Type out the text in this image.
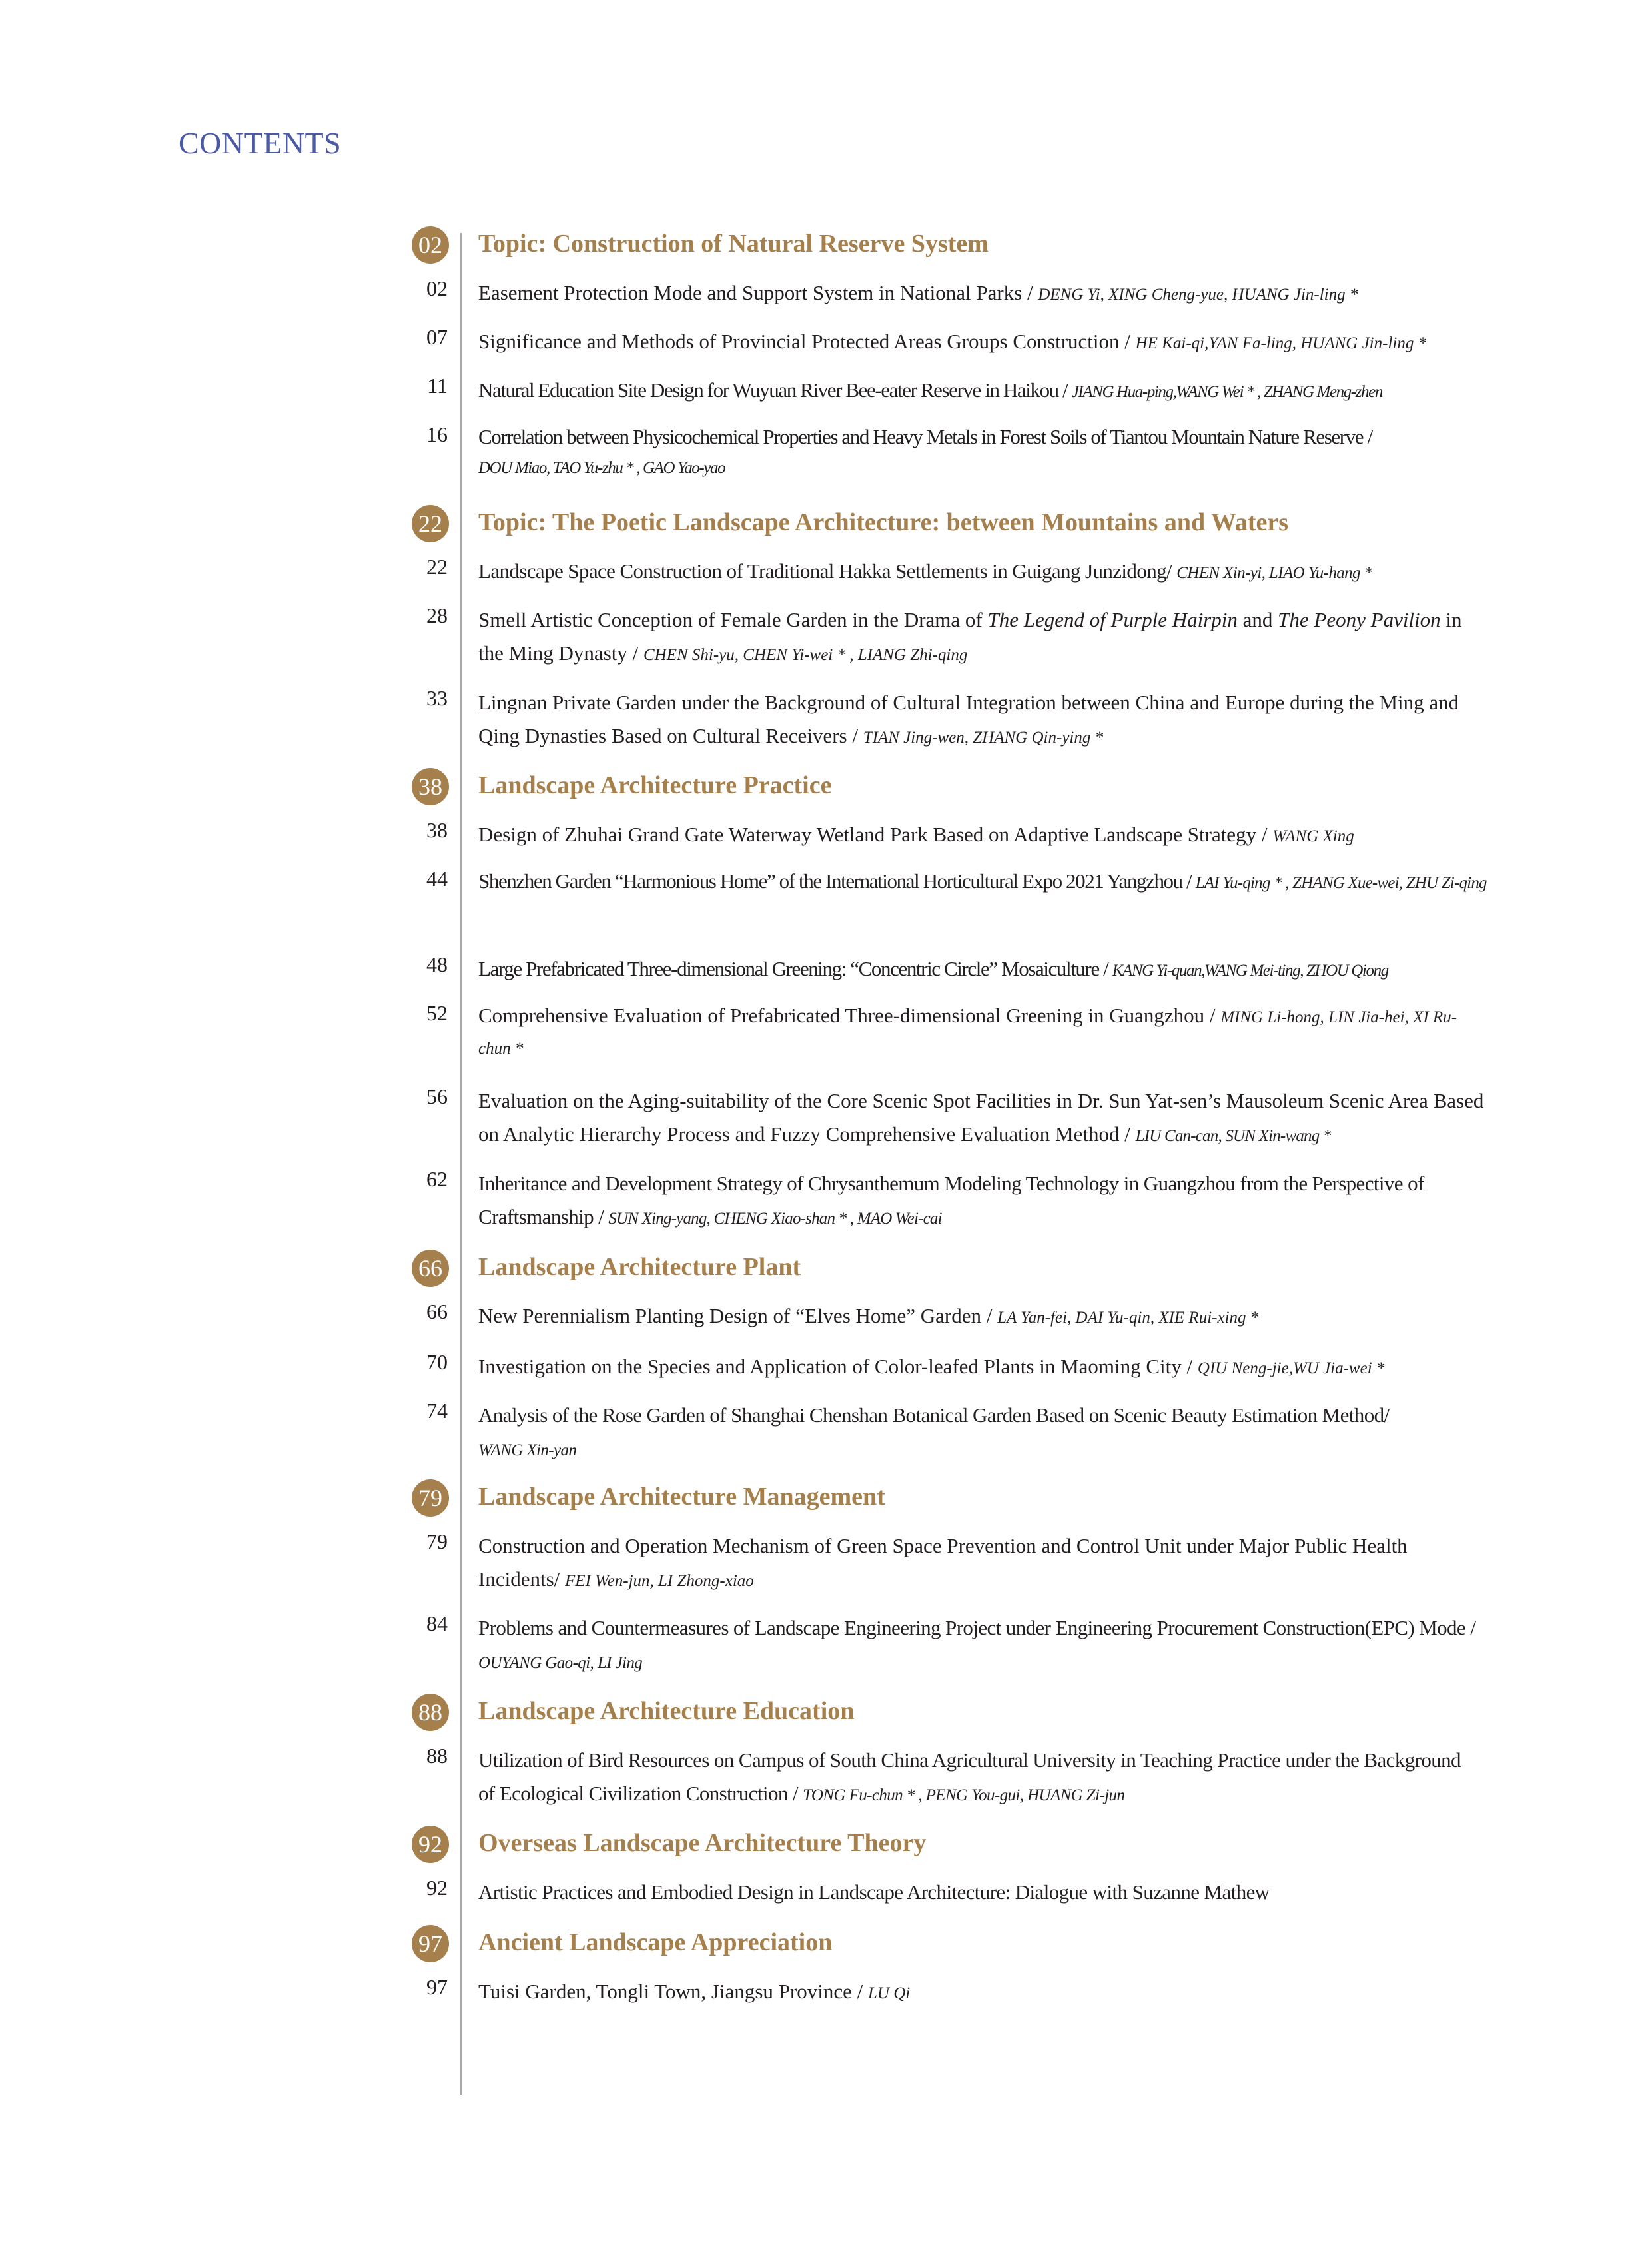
CONTENTS
02 Topic: Construction of Natural Reserve System
02 Easement Protection Mode and Support System in National Parks / DENG Yi, XING Cheng-yue, HUANG Jin-ling *
07 Significance and Methods of Provincial Protected Areas Groups Construction / HE Kai-qi,YAN Fa-ling, HUANG Jin-ling *
11 Natural Education Site Design for Wuyuan River Bee-eater Reserve in Haikou / JIANG Hua-ping,WANG Wei * , ZHANG Meng-zhen
16 Correlation between Physicochemical Properties and Heavy Metals in Forest Soils of Tiantou Mountain Nature Reserve /
DOU Miao, TAO Yu-zhu * , GAO Yao-yao
22 Topic: The Poetic Landscape Architecture: between Mountains and Waters
22 Landscape Space Construction of Traditional Hakka Settlements in Guigang Junzidong/ CHEN Xin-yi, LIAO Yu-hang *
28 Smell Artistic Conception of Female Garden in the Drama of The Legend of Purple Hairpin and The Peony Pavilion in the Ming Dynasty / CHEN Shi-yu, CHEN Yi-wei * , LIANG Zhi-qing
33 Lingnan Private Garden under the Background of Cultural Integration between China and Europe during the Ming and Qing Dynasties Based on Cultural Receivers / TIAN Jing-wen, ZHANG Qin-ying *
38 Landscape Architecture Practice
38 Design of Zhuhai Grand Gate Waterway Wetland Park Based on Adaptive Landscape Strategy / WANG Xing
44 Shenzhen Garden “Harmonious Home” of the International Horticultural Expo 2021 Yangzhou / LAI Yu-qing * , ZHANG Xue-wei, ZHU Zi-qing
48 Large Prefabricated Three-dimensional Greening: “Concentric Circle” Mosaiculture / KANG Yi-quan,WANG Mei-ting, ZHOU Qiong
52 Comprehensive Evaluation of Prefabricated Three-dimensional Greening in Guangzhou / MING Li-hong, LIN Jia-hei, XI Ru-chun *
56 Evaluation on the Aging-suitability of the Core Scenic Spot Facilities in Dr. Sun Yat-sen’s Mausoleum Scenic Area Based on Analytic Hierarchy Process and Fuzzy Comprehensive Evaluation Method / LIU Can-can, SUN Xin-wang *
62 Inheritance and Development Strategy of Chrysanthemum Modeling Technology in Guangzhou from the Perspective of Craftsmanship / SUN Xing-yang, CHENG Xiao-shan * , MAO Wei-cai
66 Landscape Architecture Plant
66 New Perennialism Planting Design of “Elves Home” Garden / LA Yan-fei, DAI Yu-qin, XIE Rui-xing *
70 Investigation on the Species and Application of Color-leafed Plants in Maoming City / QIU Neng-jie,WU Jia-wei *
74 Analysis of the Rose Garden of Shanghai Chenshan Botanical Garden Based on Scenic Beauty Estimation Method/
WANG Xin-yan
79 Landscape Architecture Management
79 Construction and Operation Mechanism of Green Space Prevention and Control Unit under Major Public Health Incidents/ FEI Wen-jun, LI Zhong-xiao
84 Problems and Countermeasures of Landscape Engineering Project under Engineering Procurement Construction(EPC) Mode / OUYANG Gao-qi, LI Jing
88 Landscape Architecture Education
88 Utilization of Bird Resources on Campus of South China Agricultural University in Teaching Practice under the Background of Ecological Civilization Construction / TONG Fu-chun * , PENG You-gui, HUANG Zi-jun
92 Overseas Landscape Architecture Theory
92 Artistic Practices and Embodied Design in Landscape Architecture: Dialogue with Suzanne Mathew
97 Ancient Landscape Appreciation
97 Tuisi Garden, Tongli Town, Jiangsu Province / LU Qi
